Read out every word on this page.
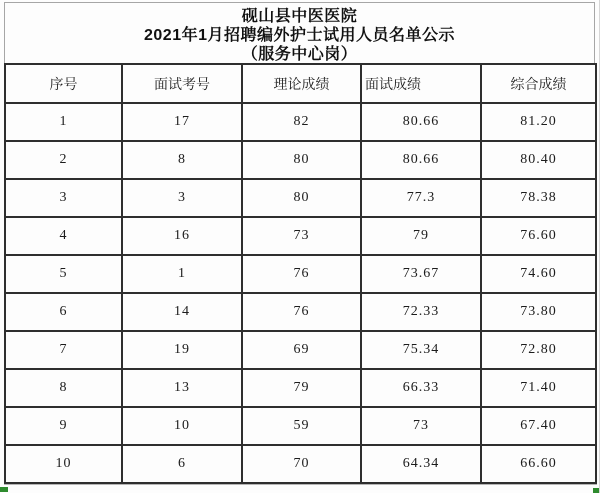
砚山县中医医院
2021年1月招聘编外护士试用人员名单公示
（服务中心岗）
序号	面试考号	理论成绩	面试成绩	综合成绩
1	17	82	80.66	81.20
2	8	80	80.66	80.40
3	3	80	77.3	78.38
4	16	73	79	76.60
5	1	76	73.67	74.60
6	14	76	72.33	73.80
7	19	69	75.34	72.80
8	13	79	66.33	71.40
9	10	59	73	67.40
10	6	70	64.34	66.60
